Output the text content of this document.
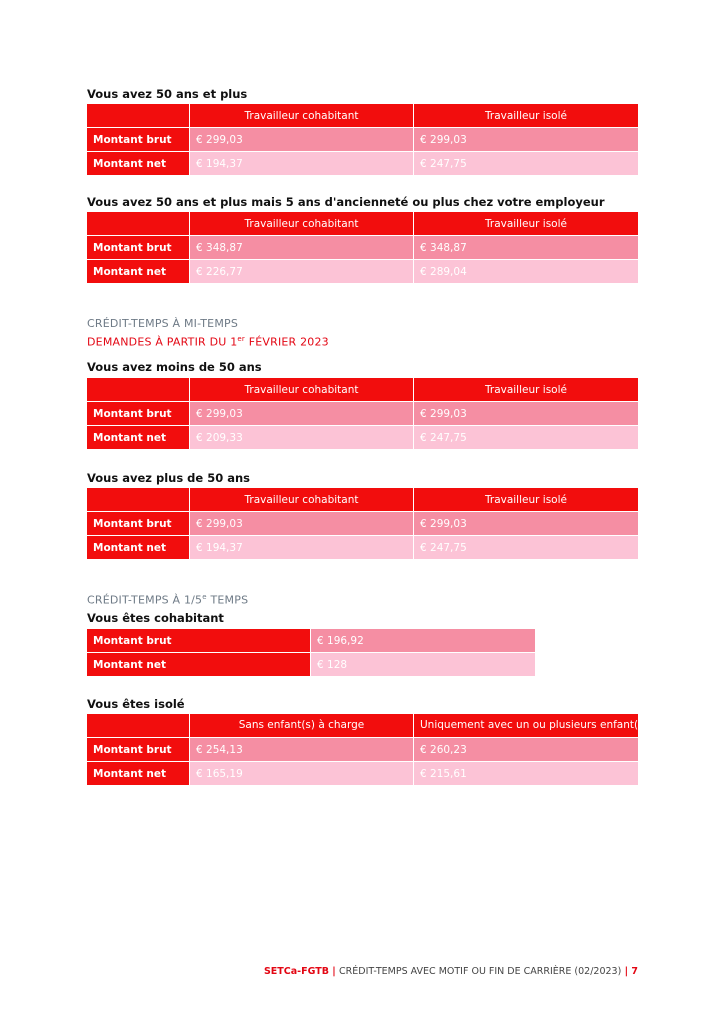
Vous avez 50 ans et plus
	Travailleur cohabitant	Travailleur isolé
Montant brut	€ 299,03	€ 299,03
Montant net	€ 194,37	€ 247,75
Vous avez 50 ans et plus mais 5 ans d'ancienneté ou plus chez votre employeur
	Travailleur cohabitant	Travailleur isolé
Montant brut	€ 348,87	€ 348,87
Montant net	€ 226,77	€ 289,04
CRÉDIT-TEMPS À MI-TEMPS
DEMANDES À PARTIR DU 1er FÉVRIER 2023
Vous avez moins de 50 ans
	Travailleur cohabitant	Travailleur isolé
Montant brut	€ 299,03	€ 299,03
Montant net	€ 209,33	€ 247,75
Vous avez plus de 50 ans
	Travailleur cohabitant	Travailleur isolé
Montant brut	€ 299,03	€ 299,03
Montant net	€ 194,37	€ 247,75
CRÉDIT-TEMPS À 1/5e TEMPS
Vous êtes cohabitant
Montant brut	€ 196,92
Montant net	€ 128
Vous êtes isolé
	Sans enfant(s) à charge	Uniquement avec un ou plusieurs enfant(s) à charge
Montant brut	€ 254,13	€ 260,23
Montant net	€ 165,19	€ 215,61
SETCa-FGTB | CRÉDIT-TEMPS AVEC MOTIF OU FIN DE CARRIÈRE (02/2023) | 7
